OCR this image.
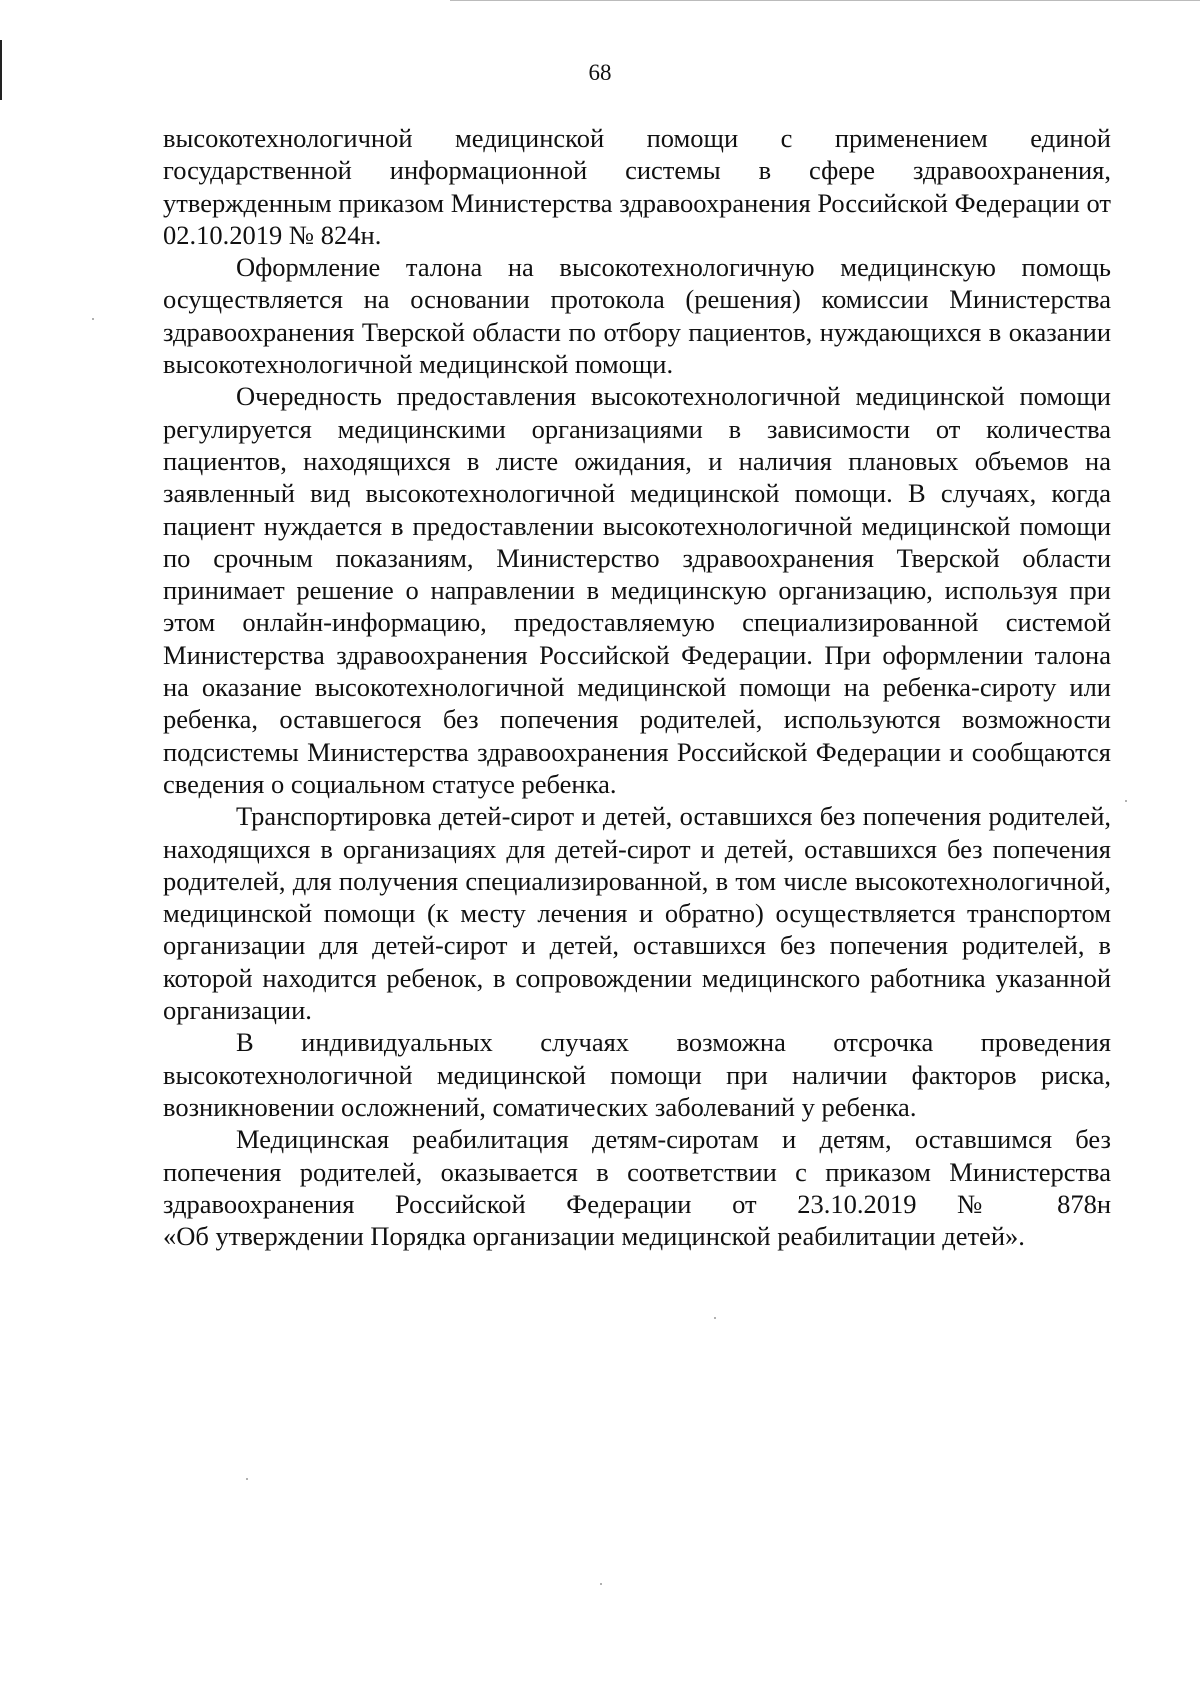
68

высокотехнологичной медицинской помощи с применением единой государственной информационной системы в сфере здравоохранения, утвержденным приказом Министерства здравоохранения Российской Федерации от 02.10.2019 № 824н.

Оформление талона на высокотехнологичную медицинскую помощь осуществляется на основании протокола (решения) комиссии Министерства здравоохранения Тверской области по отбору пациентов, нуждающихся в оказании высокотехнологичной медицинской помощи.

Очередность предоставления высокотехнологичной медицинской помощи регулируется медицинскими организациями в зависимости от количества пациентов, находящихся в листе ожидания, и наличия плановых объемов на заявленный вид высокотехнологичной медицинской помощи. В случаях, когда пациент нуждается в предоставлении высокотехнологичной медицинской помощи по срочным показаниям, Министерство здравоохранения Тверской области принимает решение о направлении в медицинскую организацию, используя при этом онлайн-информацию, предоставляемую специализированной системой Министерства здравоохранения Российской Федерации. При оформлении талона на оказание высокотехнологичной медицинской помощи на ребенка-сироту или ребенка, оставшегося без попечения родителей, используются возможности подсистемы Министерства здравоохранения Российской Федерации и сообщаются сведения о социальном статусе ребенка.

Транспортировка детей-сирот и детей, оставшихся без попечения родителей, находящихся в организациях для детей-сирот и детей, оставшихся без попечения родителей, для получения специализированной, в том числе высокотехнологичной, медицинской помощи (к месту лечения и обратно) осуществляется транспортом организации для детей-сирот и детей, оставшихся без попечения родителей, в которой находится ребенок, в сопровождении медицинского работника указанной организации.

В индивидуальных случаях возможна отсрочка проведения высокотехнологичной медицинской помощи при наличии факторов риска, возникновении осложнений, соматических заболеваний у ребенка.

Медицинская реабилитация детям-сиротам и детям, оставшимся без попечения родителей, оказывается в соответствии с приказом Министерства здравоохранения Российской Федерации от 23.10.2019 № 878н

«Об утверждении Порядка организации медицинской реабилитации детей».
